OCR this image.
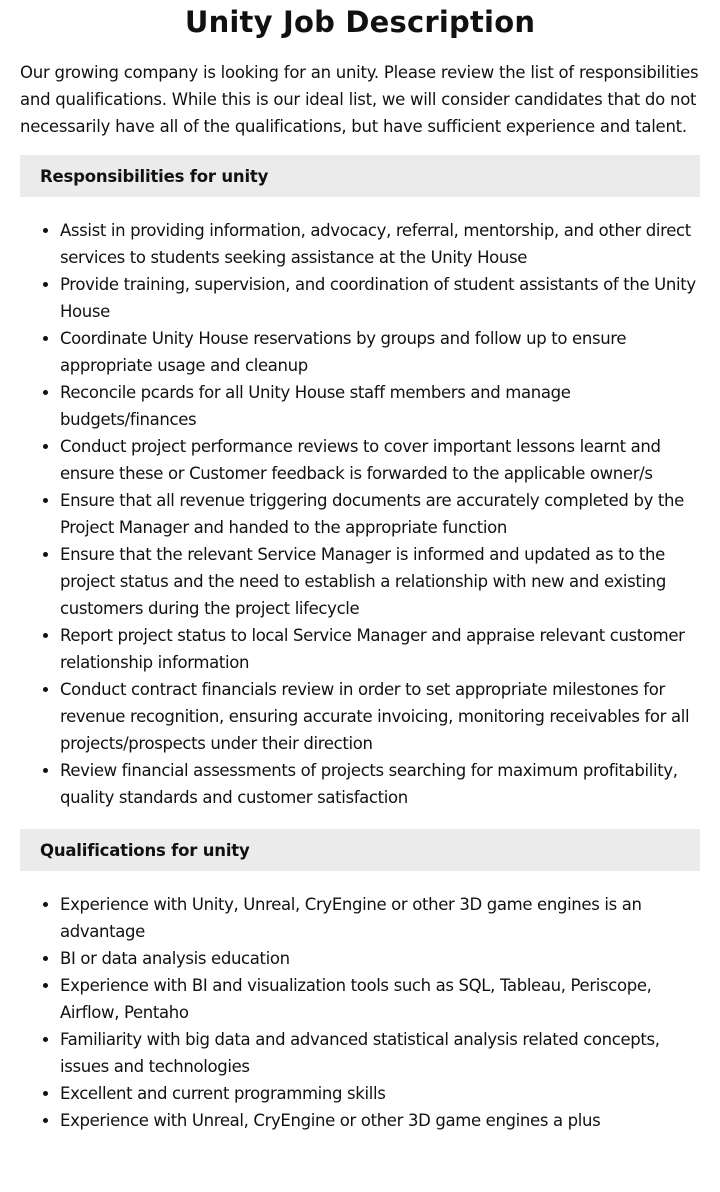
Unity Job Description

Our growing company is looking for an unity. Please review the list of responsibilities and qualifications. While this is our ideal list, we will consider candidates that do not necessarily have all of the qualifications, but have sufficient experience and talent.

Responsibilities for unity
• Assist in providing information, advocacy, referral, mentorship, and other direct services to students seeking assistance at the Unity House
• Provide training, supervision, and coordination of student assistants of the Unity House
• Coordinate Unity House reservations by groups and follow up to ensure appropriate usage and cleanup
• Reconcile pcards for all Unity House staff members and manage budgets/finances
• Conduct project performance reviews to cover important lessons learnt and ensure these or Customer feedback is forwarded to the applicable owner/s
• Ensure that all revenue triggering documents are accurately completed by the Project Manager and handed to the appropriate function
• Ensure that the relevant Service Manager is informed and updated as to the project status and the need to establish a relationship with new and existing customers during the project lifecycle
• Report project status to local Service Manager and appraise relevant customer relationship information
• Conduct contract financials review in order to set appropriate milestones for revenue recognition, ensuring accurate invoicing, monitoring receivables for all projects/prospects under their direction
• Review financial assessments of projects searching for maximum profitability, quality standards and customer satisfaction
Qualifications for unity
• Experience with Unity, Unreal, CryEngine or other 3D game engines is an advantage
• BI or data analysis education
• Experience with BI and visualization tools such as SQL, Tableau, Periscope, Airflow, Pentaho
• Familiarity with big data and advanced statistical analysis related concepts, issues and technologies
• Excellent and current programming skills
• Experience with Unreal, CryEngine or other 3D game engines a plus
